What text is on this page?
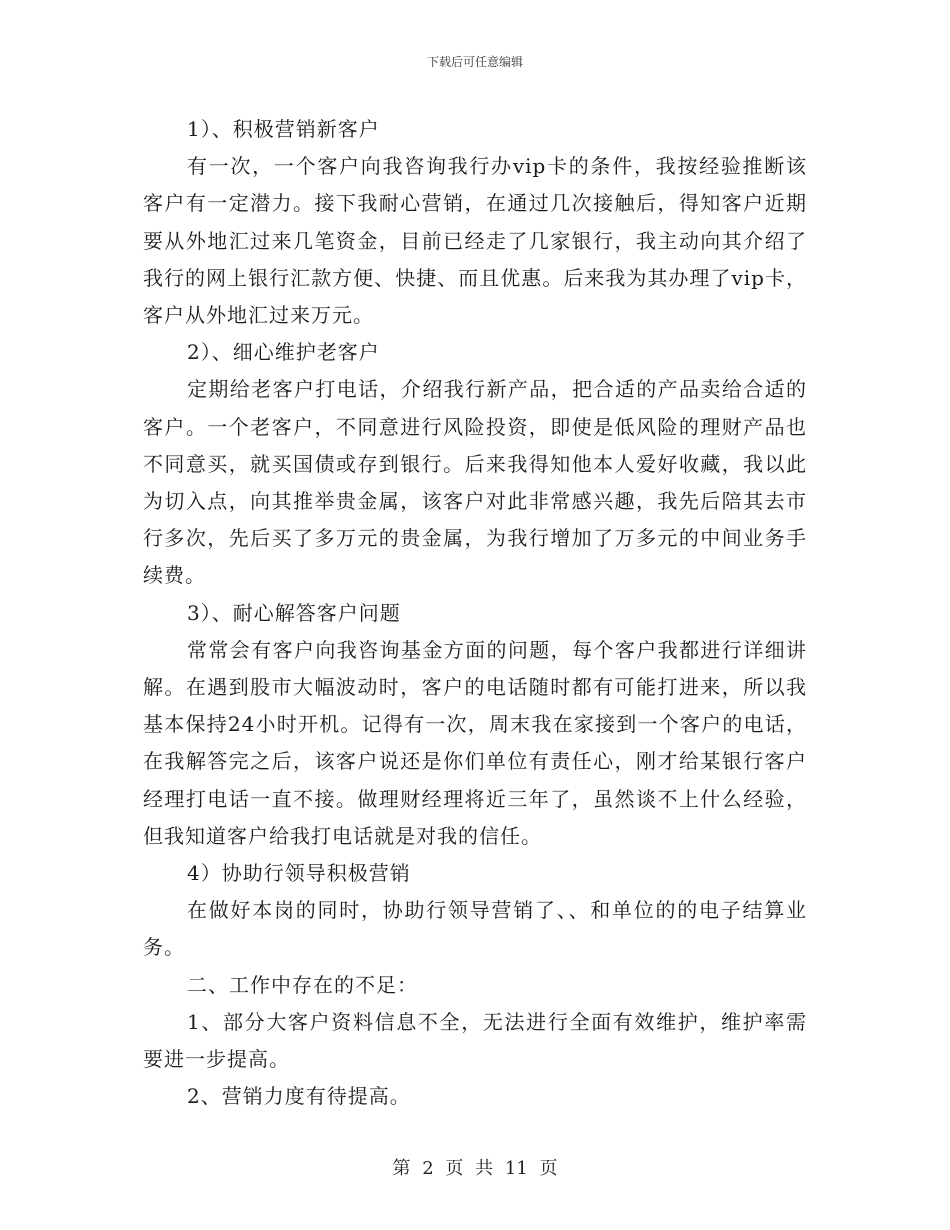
下载后可任意编辑

1）、积极营销新客户

有一次，一个客户向我咨询我行办vip卡的条件，我按经验推断该客户有一定潜力。接下我耐心营销，在通过几次接触后，得知客户近期要从外地汇过来几笔资金，目前已经走了几家银行，我主动向其介绍了我行的网上银行汇款方便、快捷、而且优惠。后来我为其办理了vip卡，客户从外地汇过来万元。

2）、细心维护老客户

定期给老客户打电话，介绍我行新产品，把合适的产品卖给合适的客户。一个老客户，不同意进行风险投资，即使是低风险的理财产品也不同意买，就买国债或存到银行。后来我得知他本人爱好收藏，我以此为切入点，向其推举贵金属，该客户对此非常感兴趣，我先后陪其去市行多次，先后买了多万元的贵金属，为我行增加了万多元的中间业务手续费。

3）、耐心解答客户问题

常常会有客户向我咨询基金方面的问题，每个客户我都进行详细讲解。在遇到股市大幅波动时，客户的电话随时都有可能打进来，所以我基本保持24小时开机。记得有一次，周末我在家接到一个客户的电话，在我解答完之后，该客户说还是你们单位有责任心，刚才给某银行客户经理打电话一直不接。做理财经理将近三年了，虽然谈不上什么经验，但我知道客户给我打电话就是对我的信任。

4）协助行领导积极营销

在做好本岗的同时，协助行领导营销了、、和单位的的电子结算业务。

二、工作中存在的不足：

1、部分大客户资料信息不全，无法进行全面有效维护，维护率需要进一步提高。

2、营销力度有待提高。

第 2 页 共 11 页
